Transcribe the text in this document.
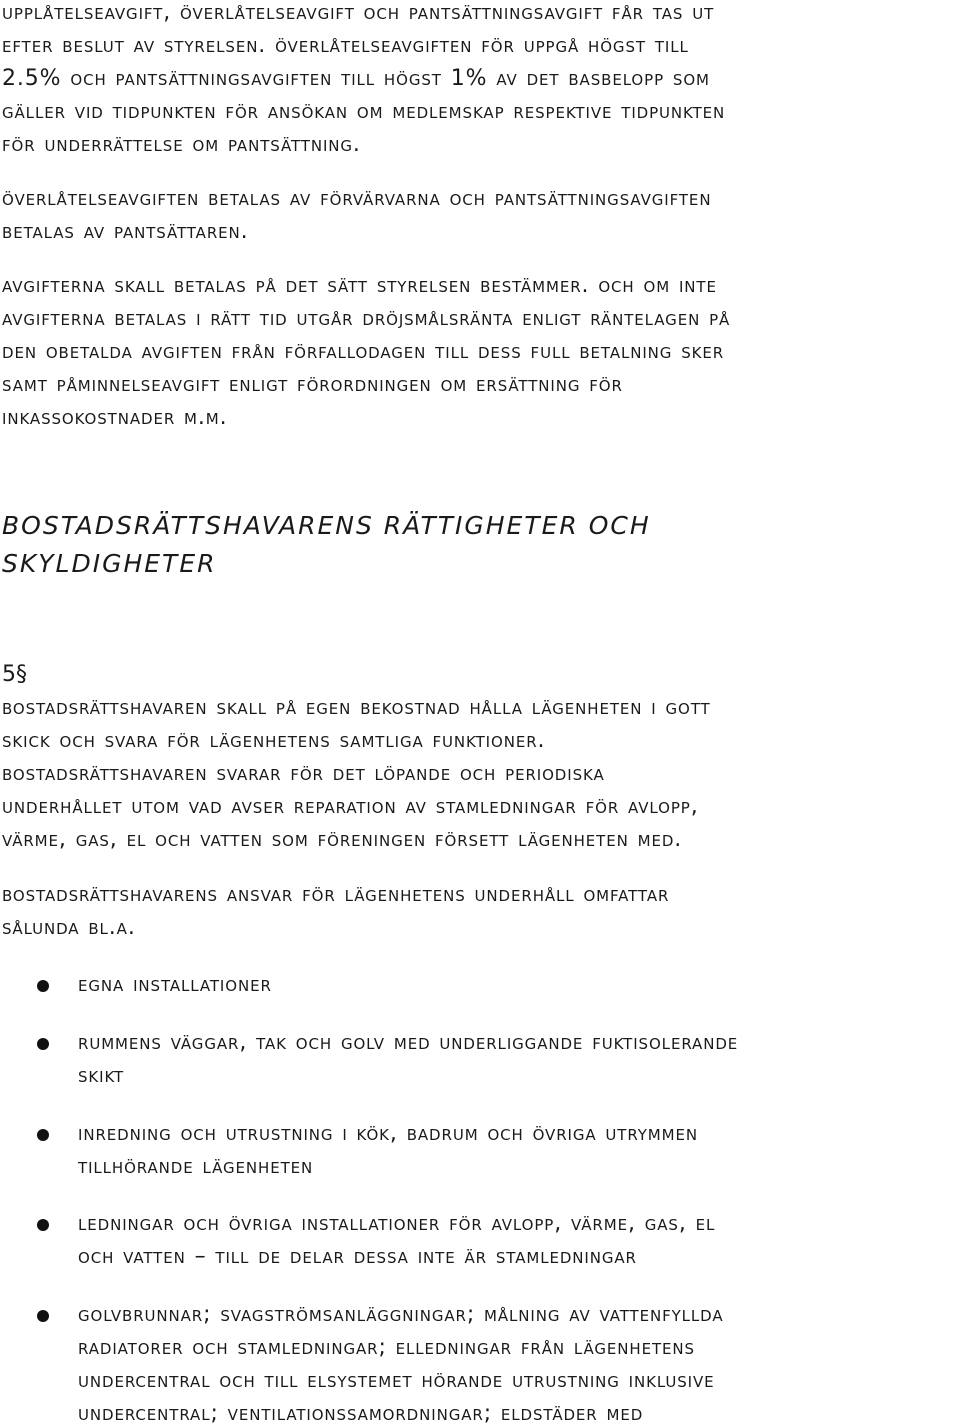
upplåtelseavgift, överlåtelseavgift och pantsättningsavgift får tas ut
efter beslut av styrelsen. överlåtelseavgiften för uppgå högst till
2.5% och pantsättningsavgiften till högst 1% av det basbelopp som
gäller vid tidpunkten för ansökan om medlemskap respektive tidpunkten
för underrättelse om pantsättning.

överlåtelseavgiften betalas av förvärvarna och pantsättningsavgiften
betalas av pantsättaren.

avgifterna skall betalas på det sätt styrelsen bestämmer. och om inte
avgifterna betalas i rätt tid utgår dröjsmålsränta enligt räntelagen på
den obetalda avgiften från förfallodagen till dess full betalning sker
samt påminnelseavgift enligt förordningen om ersättning för
inkassokostnader m.m.

BOSTADSRÄTTSHAVARENS RÄTTIGHETER OCH
SKYLDIGHETER

5§

bostadsrättshavaren skall på egen bekostnad hålla lägenheten i gott
skick och svara för lägenhetens samtliga funktioner.
bostadsrättshavaren svarar för det löpande och periodiska
underhållet utom vad avser reparation av stamledningar för avlopp,
värme, gas, el och vatten som föreningen försett lägenheten med.

bostadsrättshavarens ansvar för lägenhetens underhåll omfattar
sålunda bl.a.

egna installationer
rummens väggar, tak och golv med underliggande fuktisolerande
skikt
inredning och utrustning i kök, badrum och övriga utrymmen
tillhörande lägenheten
ledningar och övriga installationer för avlopp, värme, gas, el
och vatten – till de delar dessa inte är stamledningar
golvbrunnar; svagströmsanläggningar; målning av vattenfyllda
radiatorer och stamledningar; elledningar från lägenhetens
undercentral och till elsystemet hörande utrustning inklusive
undercentral; ventilationssamordningar; eldstäder med
